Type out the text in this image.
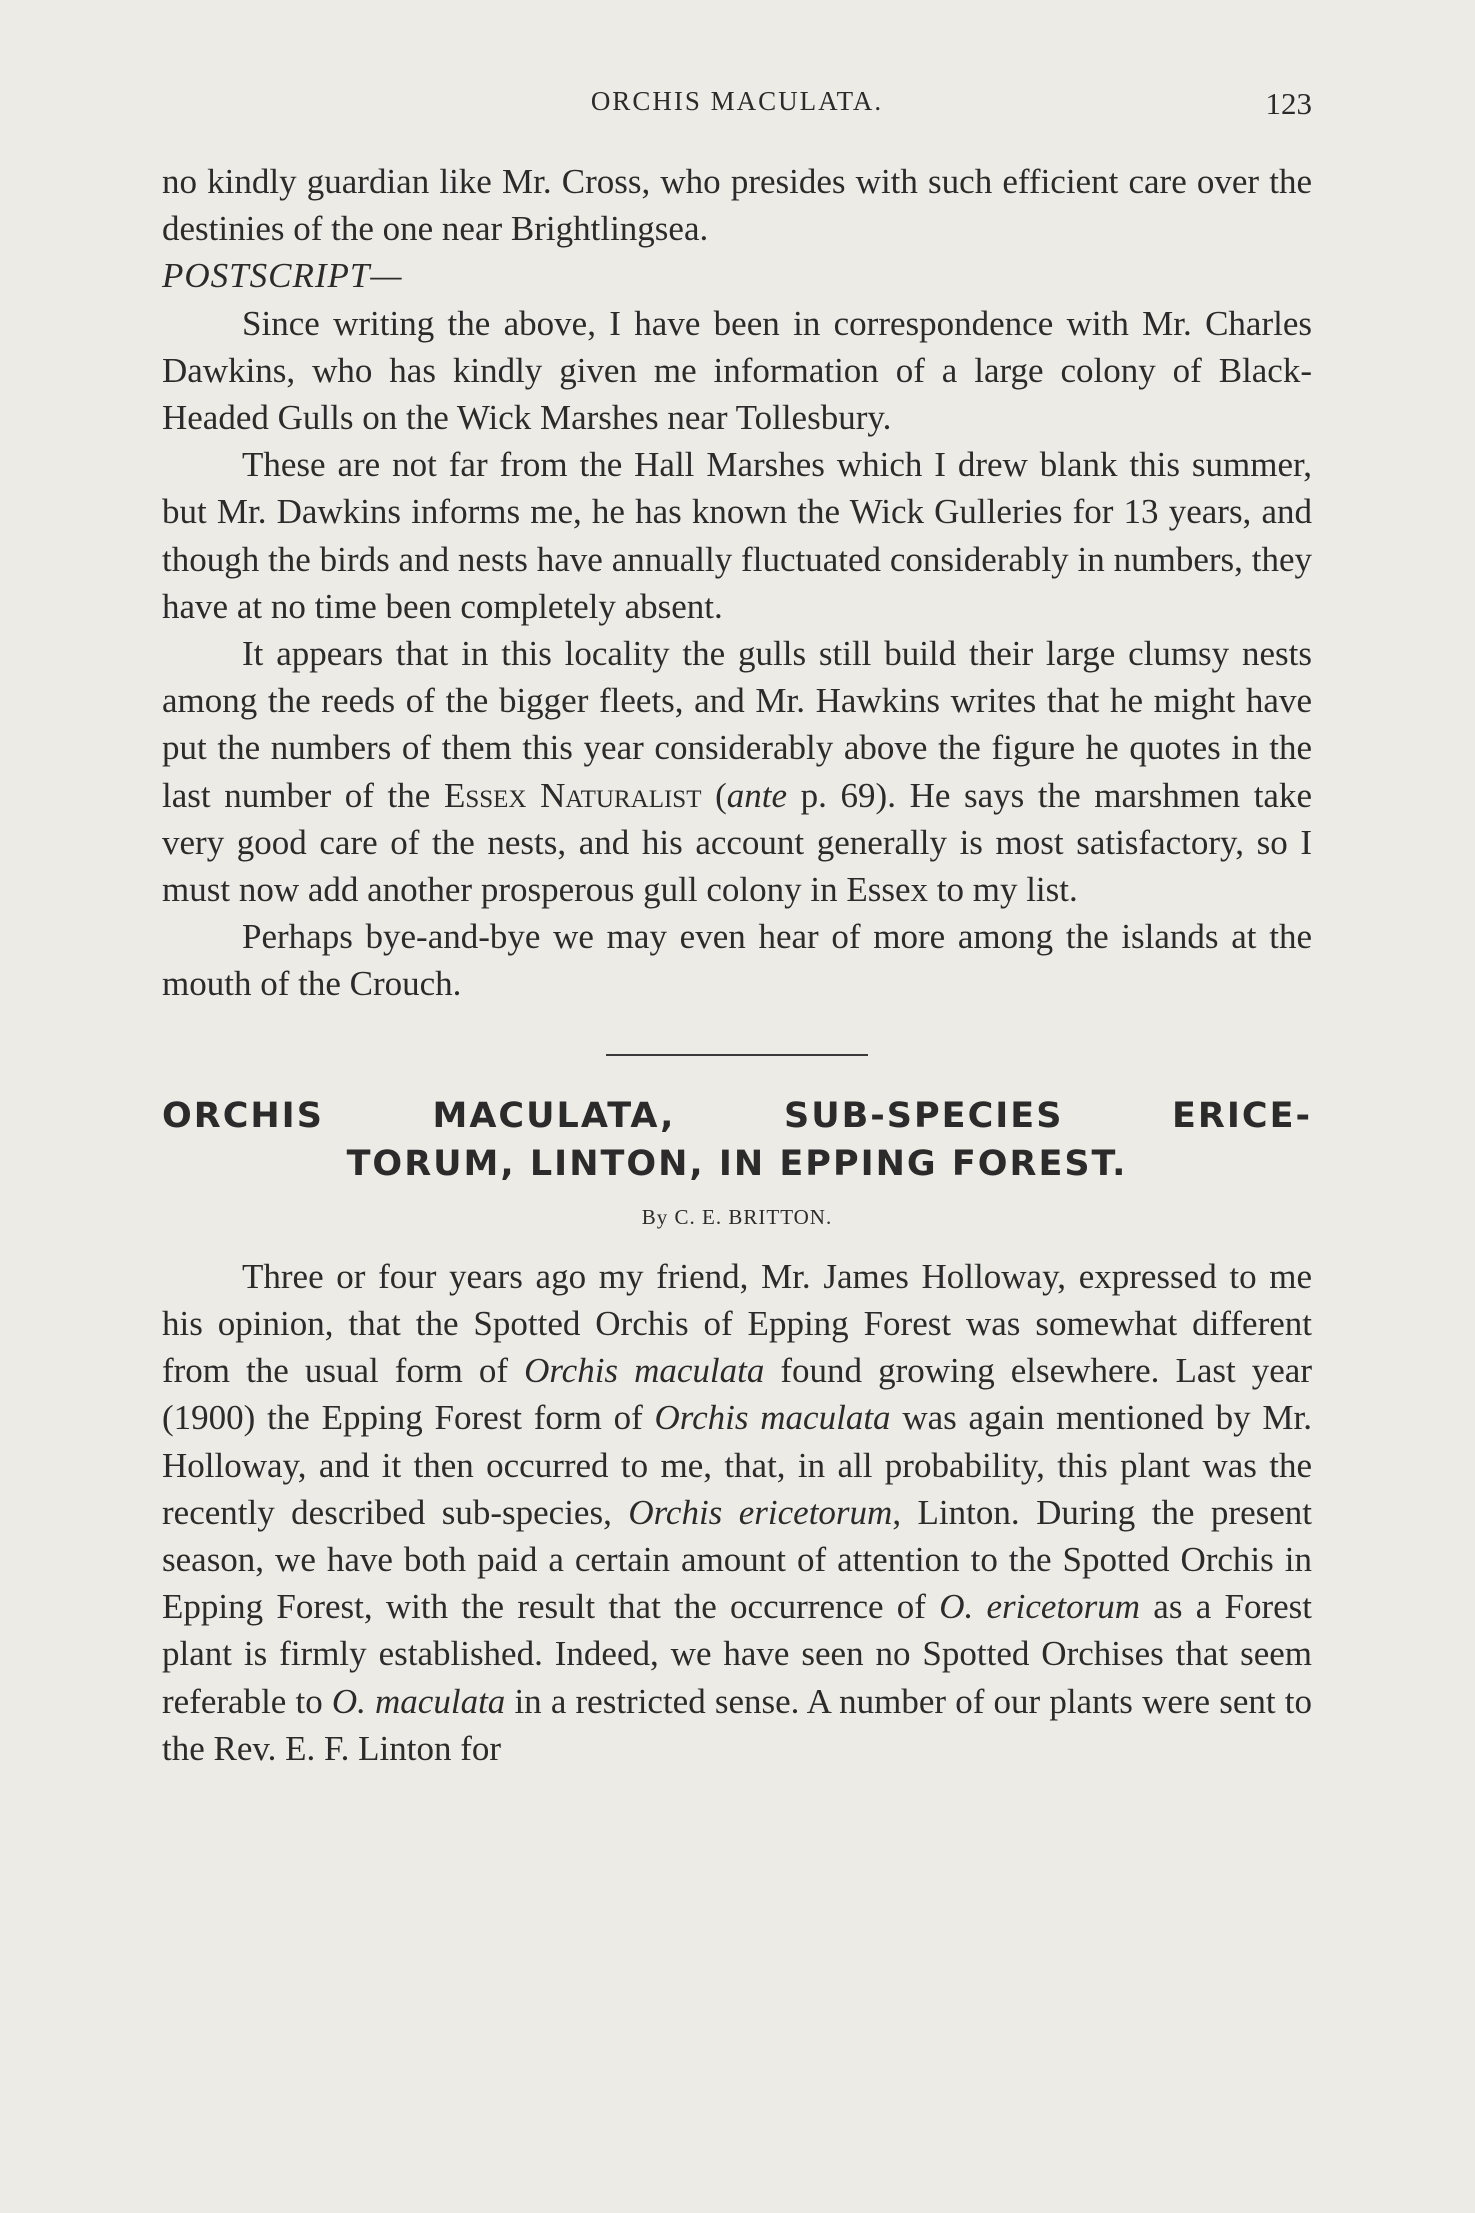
ORCHIS MACULATA.	123

no kindly guardian like Mr. Cross, who presides with such efficient care over the destinies of the one near Brightlingsea.

POSTSCRIPT—

Since writing the above, I have been in correspondence with Mr. Charles Dawkins, who has kindly given me information of a large colony of Black-Headed Gulls on the Wick Marshes near Tollesbury.

These are not far from the Hall Marshes which I drew blank this summer, but Mr. Dawkins informs me, he has known the Wick Gulleries for 13 years, and though the birds and nests have annually fluctuated considerably in numbers, they have at no time been completely absent.

It appears that in this locality the gulls still build their large clumsy nests among the reeds of the bigger fleets, and Mr. Hawkins writes that he might have put the numbers of them this year considerably above the figure he quotes in the last number of the Essex Naturalist (ante p. 69). He says the marshmen take very good care of the nests, and his account generally is most satisfactory, so I must now add another prosperous gull colony in Essex to my list.

Perhaps bye-and-bye we may even hear of more among the islands at the mouth of the Crouch.

ORCHIS MACULATA, SUB-SPECIES ERICE-
TORUM, LINTON, IN EPPING FOREST.
By C. E. BRITTON.

Three or four years ago my friend, Mr. James Holloway, expressed to me his opinion, that the Spotted Orchis of Epping Forest was somewhat different from the usual form of Orchis maculata found growing elsewhere. Last year (1900) the Epping Forest form of Orchis maculata was again mentioned by Mr. Holloway, and it then occurred to me, that, in all probability, this plant was the recently described sub-species, Orchis ericetorum, Linton. During the present season, we have both paid a certain amount of attention to the Spotted Orchis in Epping Forest, with the result that the occurrence of O. ericetorum as a Forest plant is firmly established. Indeed, we have seen no Spotted Orchises that seem referable to O. maculata in a restricted sense. A number of our plants were sent to the Rev. E. F. Linton for
